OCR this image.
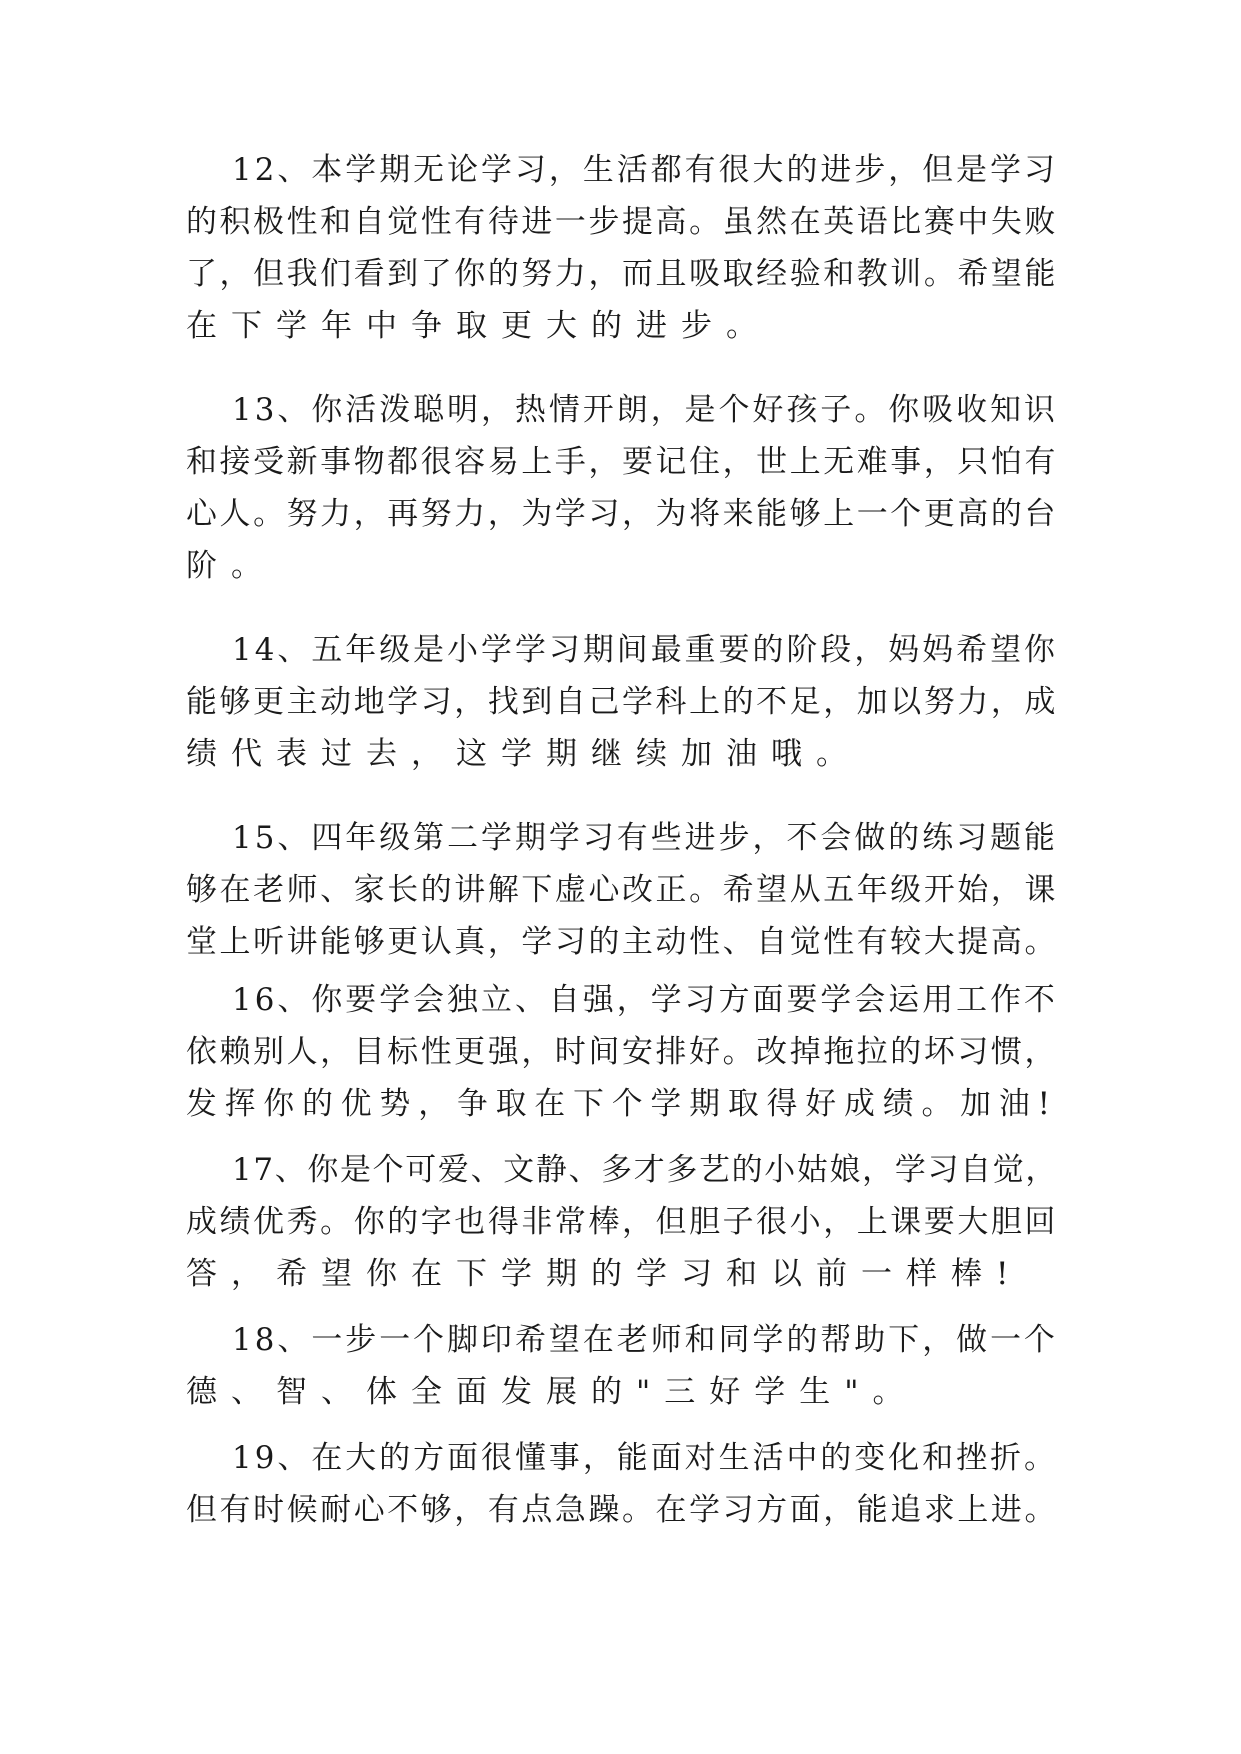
12、本学期无论学习，生活都有很大的进步，但是学习
的积极性和自觉性有待进一步提高。虽然在英语比赛中失败
了，但我们看到了你的努力，而且吸取经验和教训。希望能
在下学年中争取更大的进步。
13、你活泼聪明，热情开朗，是个好孩子。你吸收知识
和接受新事物都很容易上手，要记住，世上无难事，只怕有
心人。努力，再努力，为学习，为将来能够上一个更高的台
阶。
14、五年级是小学学习期间最重要的阶段，妈妈希望你
能够更主动地学习，找到自己学科上的不足，加以努力，成
绩代表过去，这学期继续加油哦。
15、四年级第二学期学习有些进步，不会做的练习题能
够在老师、家长的讲解下虚心改正。希望从五年级开始，课
堂上听讲能够更认真，学习的主动性、自觉性有较大提高。
16、你要学会独立、自强，学习方面要学会运用工作不
依赖别人，目标性更强，时间安排好。改掉拖拉的坏习惯，
发挥你的优势，争取在下个学期取得好成绩。加油!
17、你是个可爱、文静、多才多艺的小姑娘，学习自觉，
成绩优秀。你的字也得非常棒，但胆子很小，上课要大胆回
答，希望你在下学期的学习和以前一样棒!
18、一步一个脚印希望在老师和同学的帮助下，做一个
德、智、体全面发展的"三好学生"。
19、在大的方面很懂事，能面对生活中的变化和挫折。
但有时候耐心不够，有点急躁。在学习方面，能追求上进。
